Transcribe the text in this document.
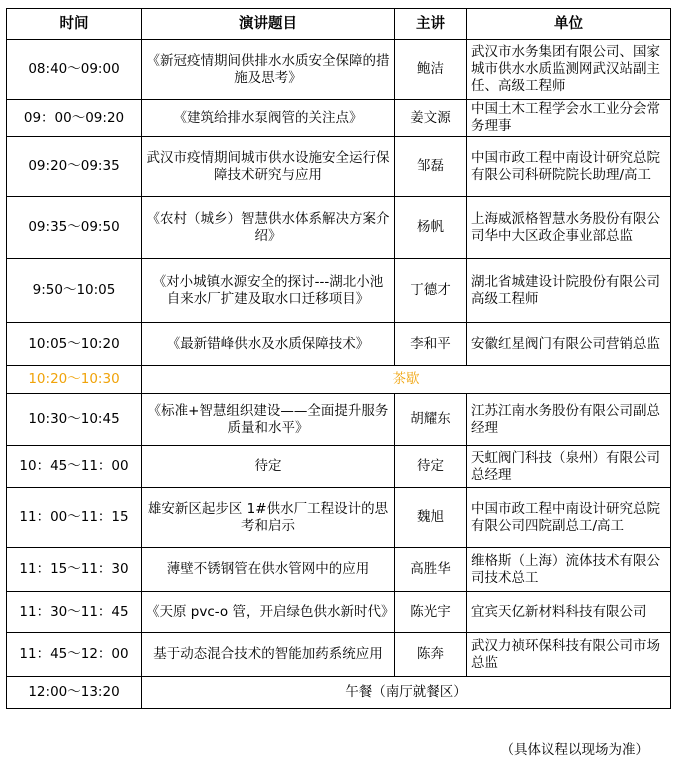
时间	演讲题目	主讲	单位
08:40～09:00	《新冠疫情期间供排水水质安全保障的措施及思考》	鲍洁	武汉市水务集团有限公司、国家城市供水水质监测网武汉站副主任、高级工程师
09：00～09:20	《建筑给排水泵阀管的关注点》	姜文源	中国土木工程学会水工业分会常务理事
09:20～09:35	武汉市疫情期间城市供水设施安全运行保障技术研究与应用	邹磊	中国市政工程中南设计研究总院有限公司科研院院长助理/高工
09:35～09:50	《农村（城乡）智慧供水体系解决方案介绍》	杨帆	上海威派格智慧水务股份有限公司华中大区政企事业部总监
9:50～10:05	《对小城镇水源安全的探讨---湖北小池自来水厂扩建及取水口迁移项目》	丁德才	湖北省城建设计院股份有限公司高级工程师
10:05～10:20	《最新错峰供水及水质保障技术》	李和平	安徽红星阀门有限公司营销总监
10:20～10:30	茶歇		
10:30～10:45	《标准+智慧组织建设——全面提升服务质量和水平》	胡耀东	江苏江南水务股份有限公司副总经理
10：45～11：00	待定	待定	天虹阀门科技（泉州）有限公司总经理
11：00～11：15	雄安新区起步区 1#供水厂工程设计的思考和启示	魏旭	中国市政工程中南设计研究总院有限公司四院副总工/高工
11：15～11：30	薄壁不锈钢管在供水管网中的应用	高胜华	维格斯（上海）流体技术有限公司技术总工
11：30～11：45	《天原 pvc-o 管，开启绿色供水新时代》	陈光宇	宜宾天亿新材料科技有限公司
11：45～12：00	基于动态混合技术的智能加药系统应用	陈奔	武汉力祯环保科技有限公司市场总监
12:00～13:20	午餐（南厅就餐区）		
（具体议程以现场为准）
